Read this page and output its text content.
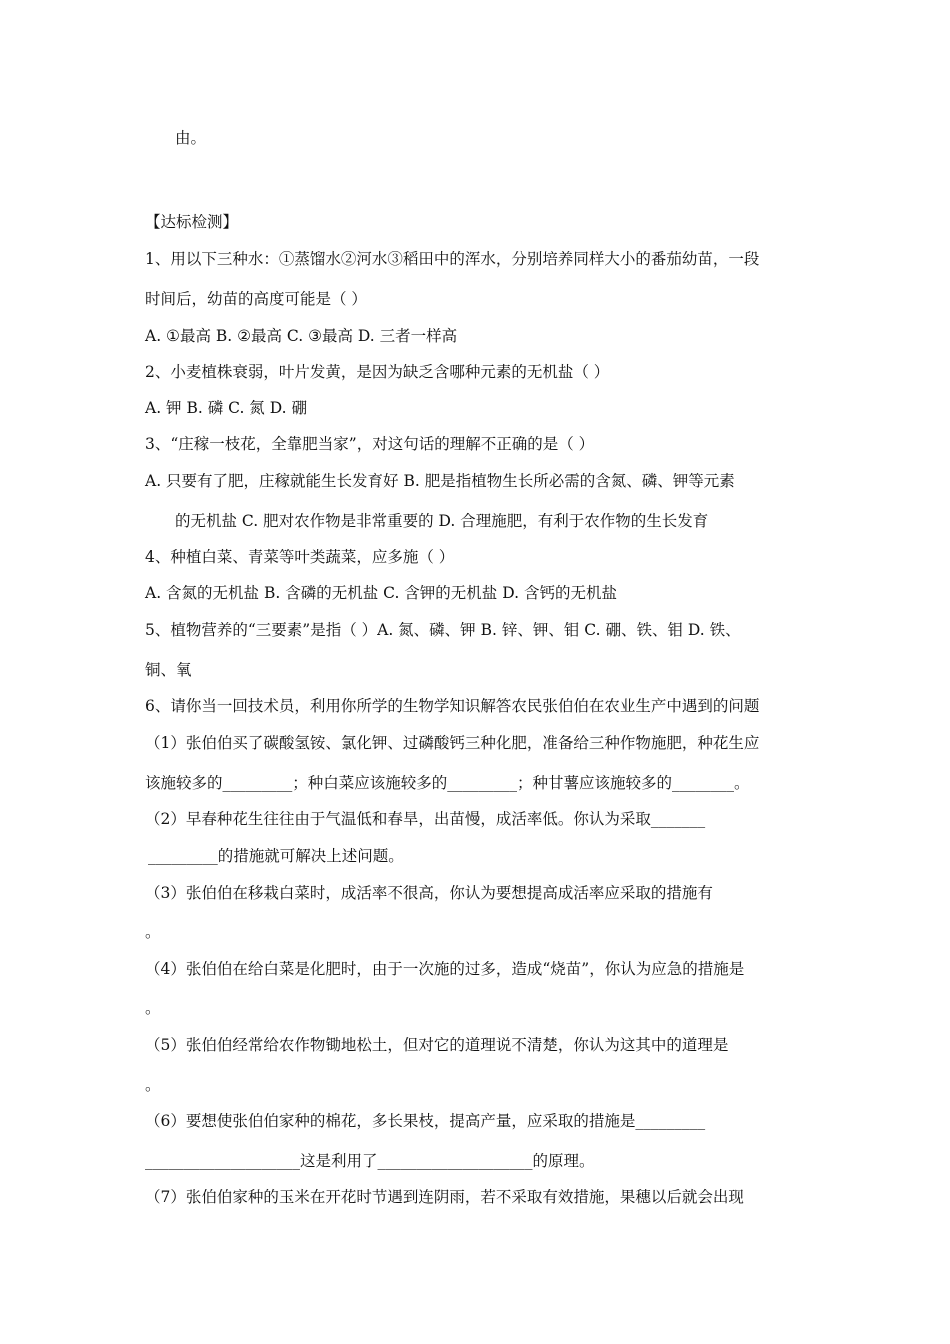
由。
【达标检测】
1、用以下三种水：①蒸馏水②河水③稻田中的浑水，分别培养同样大小的番茄幼苗，一段
时间后，幼苗的高度可能是（ ）
A. ①最高 B. ②最高 C. ③最高 D. 三者一样高
2、小麦植株衰弱，叶片发黄，是因为缺乏含哪种元素的无机盐（ ）
A. 钾 B. 磷 C. 氮 D. 硼
3、“庄稼一枝花，全靠肥当家”，对这句话的理解不正确的是（ ）
A. 只要有了肥，庄稼就能生长发育好 B. 肥是指植物生长所必需的含氮、磷、钾等元素
的无机盐 C. 肥对农作物是非常重要的 D. 合理施肥，有利于农作物的生长发育
4、种植白菜、青菜等叶类蔬菜，应多施（ ）
A. 含氮的无机盐 B. 含磷的无机盐 C. 含钾的无机盐 D. 含钙的无机盐
5、植物营养的“三要素”是指（ ）A. 氮、磷、钾 B. 锌、钾、钼 C. 硼、铁、钼 D. 铁、
铜、氧
6、请你当一回技术员，利用你所学的生物学知识解答农民张伯伯在农业生产中遇到的问题
（1）张伯伯买了碳酸氢铵、氯化钾、过磷酸钙三种化肥，准备给三种作物施肥，种花生应
该施较多的_________；种白菜应该施较多的_________；种甘薯应该施较多的________。
（2）早春种花生往往由于气温低和春旱，出苗慢，成活率低。你认为采取_______
_________的措施就可解决上述问题。
（3）张伯伯在移栽白菜时，成活率不很高，你认为要想提高成活率应采取的措施有
。
（4）张伯伯在给白菜是化肥时，由于一次施的过多，造成“烧苗”，你认为应急的措施是
。
（5）张伯伯经常给农作物锄地松土，但对它的道理说不清楚，你认为这其中的道理是
。
（6）要想使张伯伯家种的棉花，多长果枝，提高产量，应采取的措施是_________
____________________这是利用了____________________的原理。
（7）张伯伯家种的玉米在开花时节遇到连阴雨，若不采取有效措施，果穗以后就会出现
